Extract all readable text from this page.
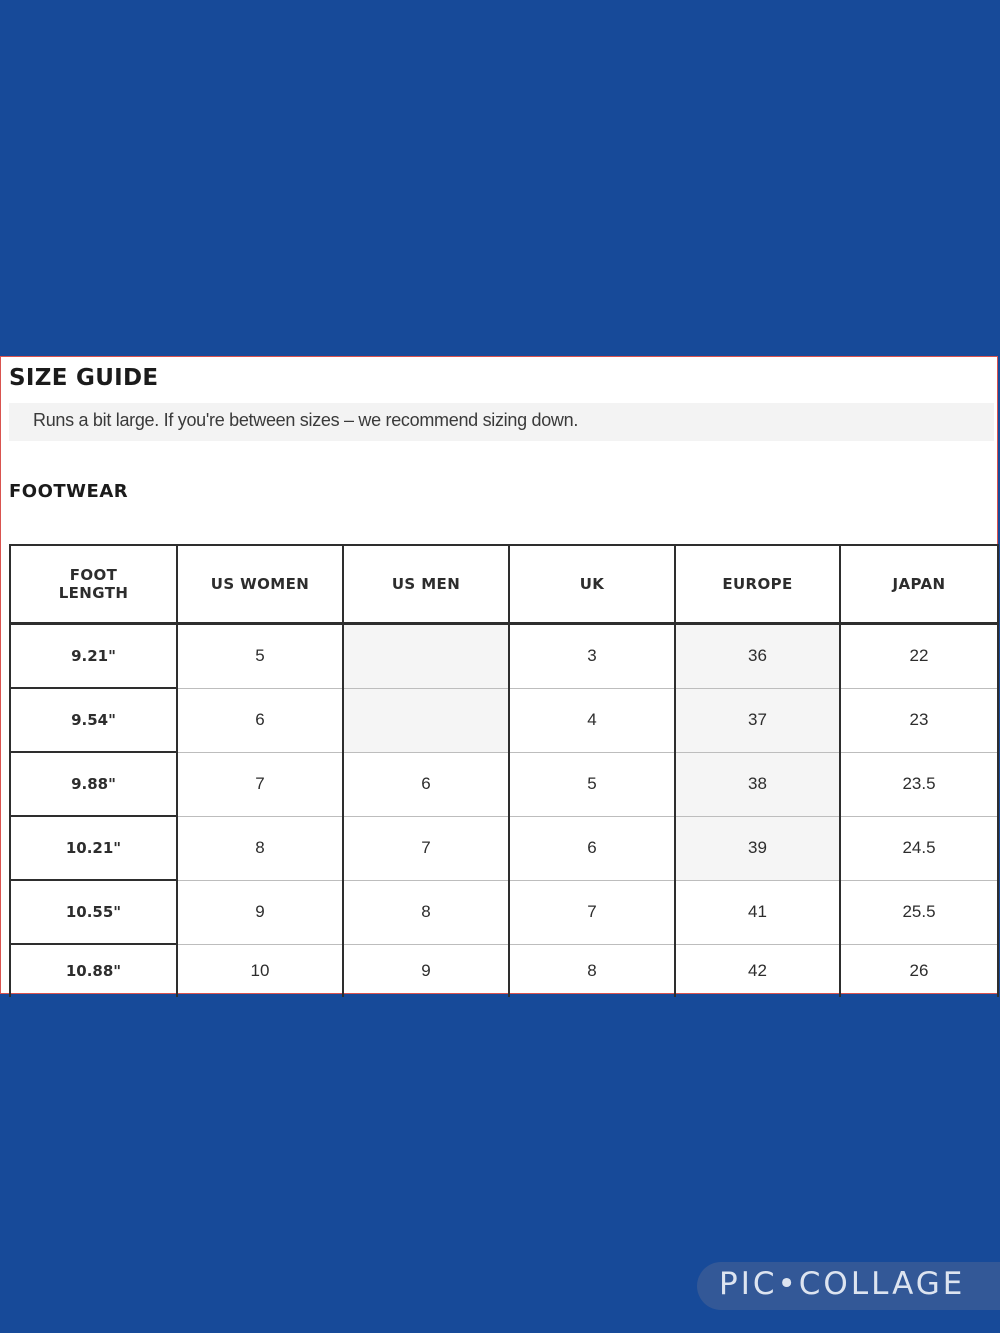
SIZE GUIDE
Runs a bit large. If you're between sizes – we recommend sizing down.
FOOTWEAR
FOOT LENGTH	US WOMEN	US MEN	UK	EUROPE	JAPAN
9.21"	5		3	36	22
9.54"	6		4	37	23
9.88"	7	6	5	38	23.5
10.21"	8	7	6	39	24.5
10.55"	9	8	7	41	25.5
10.88"	10	9	8	42	26
PIC•COLLAGE
